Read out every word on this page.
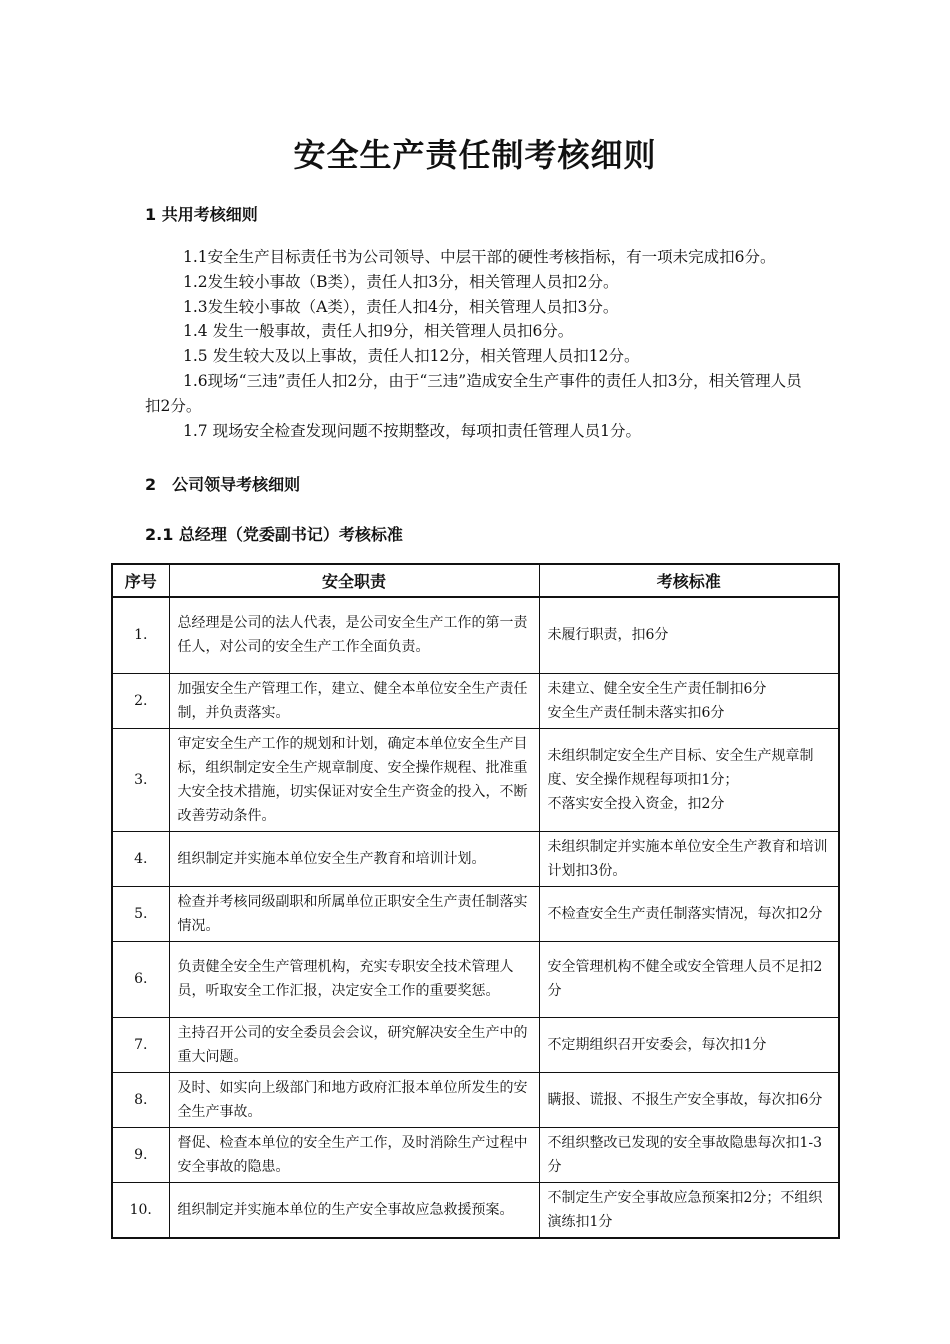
安全生产责任制考核细则
1 共用考核细则

1.1安全生产目标责任书为公司领导、中层干部的硬性考核指标，有一项未完成扣6分。

1.2发生较小事故（B类），责任人扣3分，相关管理人员扣2分。

1.3发生较小事故（A类），责任人扣4分，相关管理人员扣3分。

1.4 发生一般事故，责任人扣9分，相关管理人员扣6分。

1.5 发生较大及以上事故，责任人扣12分，相关管理人员扣12分。

1.6现场“三违”责任人扣2分，由于“三违”造成安全生产事件的责任人扣3分，相关管理人员扣2分。

1.7 现场安全检查发现问题不按期整改，每项扣责任管理人员1分。

2　公司领导考核细则
2.1 总经理（党委副书记）考核标准
序号	安全职责	考核标准
1.	总经理是公司的法人代表，是公司安全生产工作的第一责任人，对公司的安全生产工作全面负责。	未履行职责，扣6分

2.	加强安全生产管理工作，建立、健全本单位安全生产责任制，并负责落实。	未建立、健全安全生产责任制扣6分
安全生产责任制未落实扣6分

3.	审定安全生产工作的规划和计划，确定本单位安全生产目标，组织制定安全生产规章制度、安全操作规程、批准重大安全技术措施，切实保证对安全生产资金的投入，不断改善劳动条件。	未组织制定安全生产目标、安全生产规章制度、安全操作规程每项扣1分；
不落实安全投入资金，扣2分

4.	组织制定并实施本单位安全生产教育和培训计划。	未组织制定并实施本单位安全生产教育和培训计划扣3份。

5.	检查并考核同级副职和所属单位正职安全生产责任制落实情况。	不检查安全生产责任制落实情况，每次扣2分

6.	负责健全安全生产管理机构，充实专职安全技术管理人员，听取安全工作汇报，决定安全工作的重要奖惩。	安全管理机构不健全或安全管理人员不足扣2分

7.	主持召开公司的安全委员会会议，研究解决安全生产中的重大问题。	不定期组织召开安委会，每次扣1分

8.	及时、如实向上级部门和地方政府汇报本单位所发生的安全生产事故。	瞒报、谎报、不报生产安全事故，每次扣6分

9.	督促、检查本单位的安全生产工作，及时消除生产过程中安全事故的隐患。	不组织整改已发现的安全事故隐患每次扣1-3分

10.	组织制定并实施本单位的生产安全事故应急救援预案。	不制定生产安全事故应急预案扣2分；不组织演练扣1分
